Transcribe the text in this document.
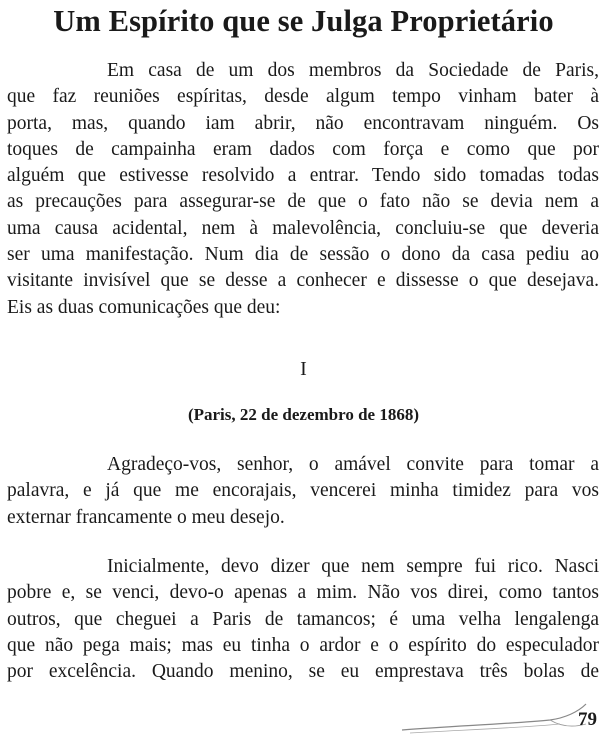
Um Espírito que se Julga Proprietário
Em casa de um dos membros da Sociedade de Paris,
que faz reuniões espíritas, desde algum tempo vinham bater à
porta, mas, quando iam abrir, não encontravam ninguém. Os
toques de campainha eram dados com força e como que por
alguém que estivesse resolvido a entrar. Tendo sido tomadas todas
as precauções para assegurar-se de que o fato não se devia nem a
uma causa acidental, nem à malevolência, concluiu-se que deveria
ser uma manifestação. Num dia de sessão o dono da casa pediu ao
visitante invisível que se desse a conhecer e dissesse o que desejava.
Eis as duas comunicações que deu:
I
(Paris, 22 de dezembro de 1868)
Agradeço-vos, senhor, o amável convite para tomar a
palavra, e já que me encorajais, vencerei minha timidez para vos
externar francamente o meu desejo.
Inicialmente, devo dizer que nem sempre fui rico. Nasci
pobre e, se venci, devo-o apenas a mim. Não vos direi, como tantos
outros, que cheguei a Paris de tamancos; é uma velha lengalenga
que não pega mais; mas eu tinha o ardor e o espírito do especulador
por excelência. Quando menino, se eu emprestava três bolas de
79
